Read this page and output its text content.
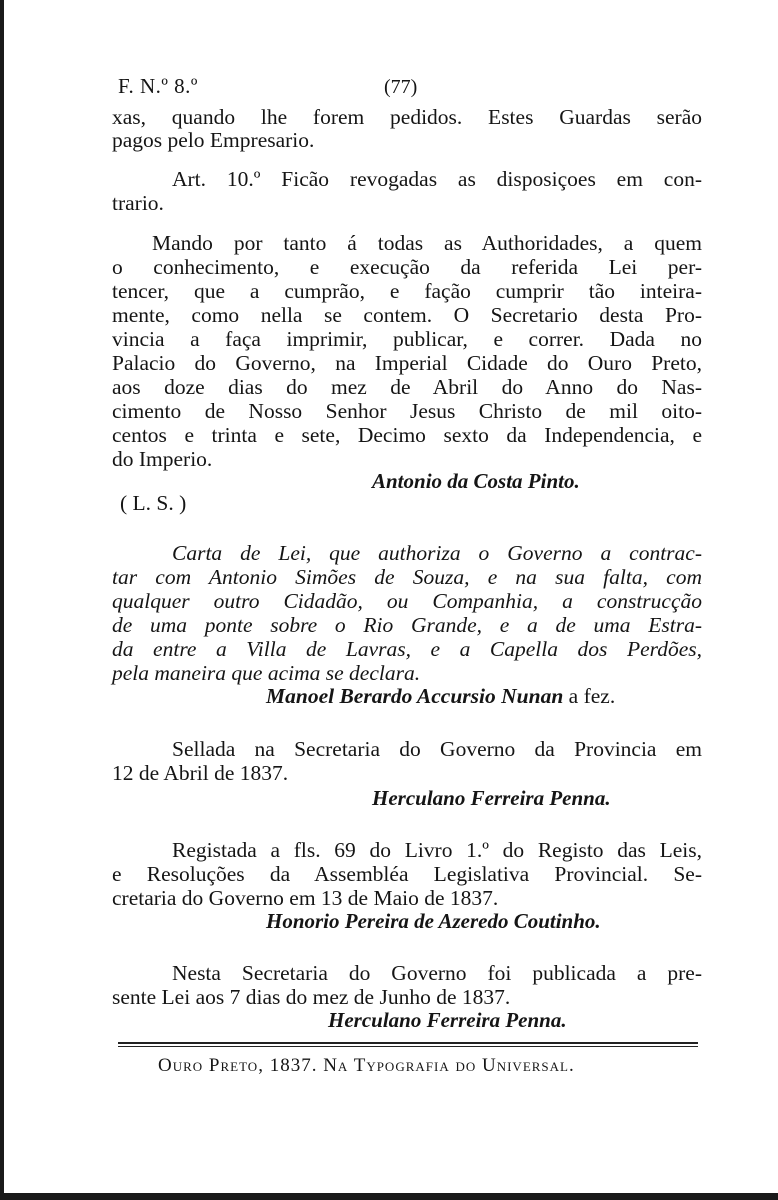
F. N.º 8.º	(77)
xas, quando lhe forem pedidos. Estes Guardas serão
pagos pelo Empresario.
Art. 10.º Ficão revogadas as disposiçoes em con-
trario.
Mando por tanto á todas as Authoridades, a quem
o conhecimento, e execução da referida Lei per-
tencer, que a cumprão, e fação cumprir tão inteira-
mente, como nella se contem. O Secretario desta Pro-
vincia a faça imprimir, publicar, e correr. Dada no
Palacio do Governo, na Imperial Cidade do Ouro Preto,
aos doze dias do mez de Abril do Anno do Nas-
cimento de Nosso Senhor Jesus Christo de mil oito-
centos e trinta e sete, Decimo sexto da Independencia, e
do Imperio.
Antonio da Costa Pinto.
( L. S. )
Carta de Lei, que authoriza o Governo a contrac-
tar com Antonio Simões de Souza, e na sua falta, com
qualquer outro Cidadão, ou Companhia, a construcção
de uma ponte sobre o Rio Grande, e a de uma Estra-
da entre a Villa de Lavras, e a Capella dos Perdões,
pela maneira que acima se declara.
Manoel Berardo Accursio Nunan a fez.
Sellada na Secretaria do Governo da Provincia em
12 de Abril de 1837.
Herculano Ferreira Penna.
Registada a fls. 69 do Livro 1.º do Registo das Leis,
e Resoluções da Assembléa Legislativa Provincial. Se-
cretaria do Governo em 13 de Maio de 1837.
Honorio Pereira de Azeredo Coutinho.
Nesta Secretaria do Governo foi publicada a pre-
sente Lei aos 7 dias do mez de Junho de 1837.
Herculano Ferreira Penna.
Ouro Preto, 1837. Na Typografia do Universal.
